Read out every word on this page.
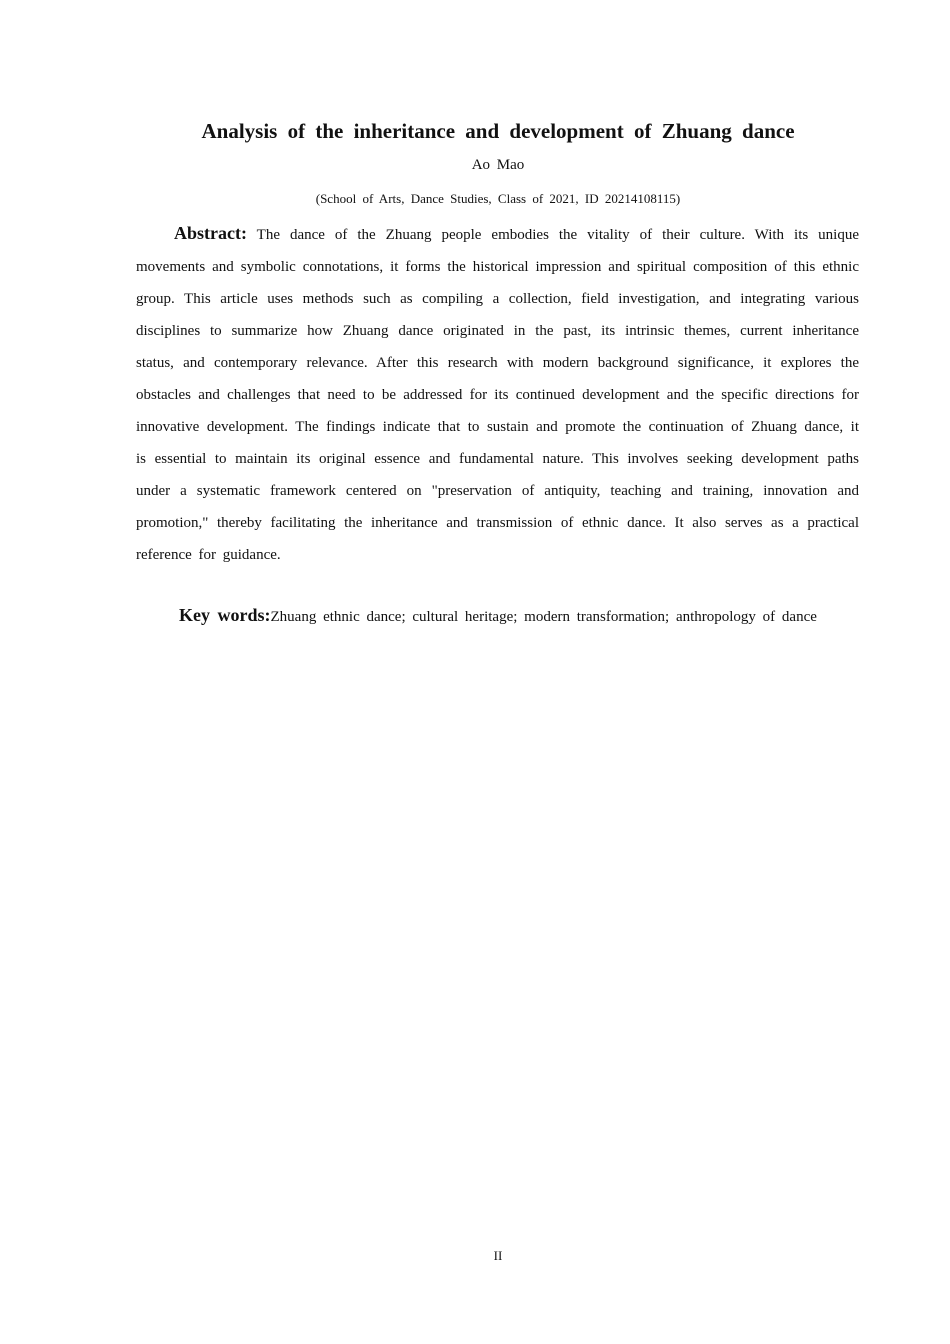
Analysis of the inheritance and development of Zhuang dance

Ao Mao

(School of Arts, Dance Studies, Class of 2021, ID 20214108115)

Abstract: The dance of the Zhuang people embodies the vitality of their culture. With its unique movements and symbolic connotations, it forms the historical impression and spiritual composition of this ethnic group. This article uses methods such as compiling a collection, field investigation, and integrating various disciplines to summarize how Zhuang dance originated in the past, its intrinsic themes, current inheritance status, and contemporary relevance. After this research with modern background significance, it explores the obstacles and challenges that need to be addressed for its continued development and the specific directions for innovative development. The findings indicate that to sustain and promote the continuation of Zhuang dance, it is essential to maintain its original essence and fundamental nature. This involves seeking development paths under a systematic framework centered on "preservation of antiquity, teaching and training, innovation and promotion," thereby facilitating the inheritance and transmission of ethnic dance. It also serves as a practical reference for guidance.

Key words:Zhuang ethnic dance; cultural heritage; modern transformation; anthropology of dance

II
